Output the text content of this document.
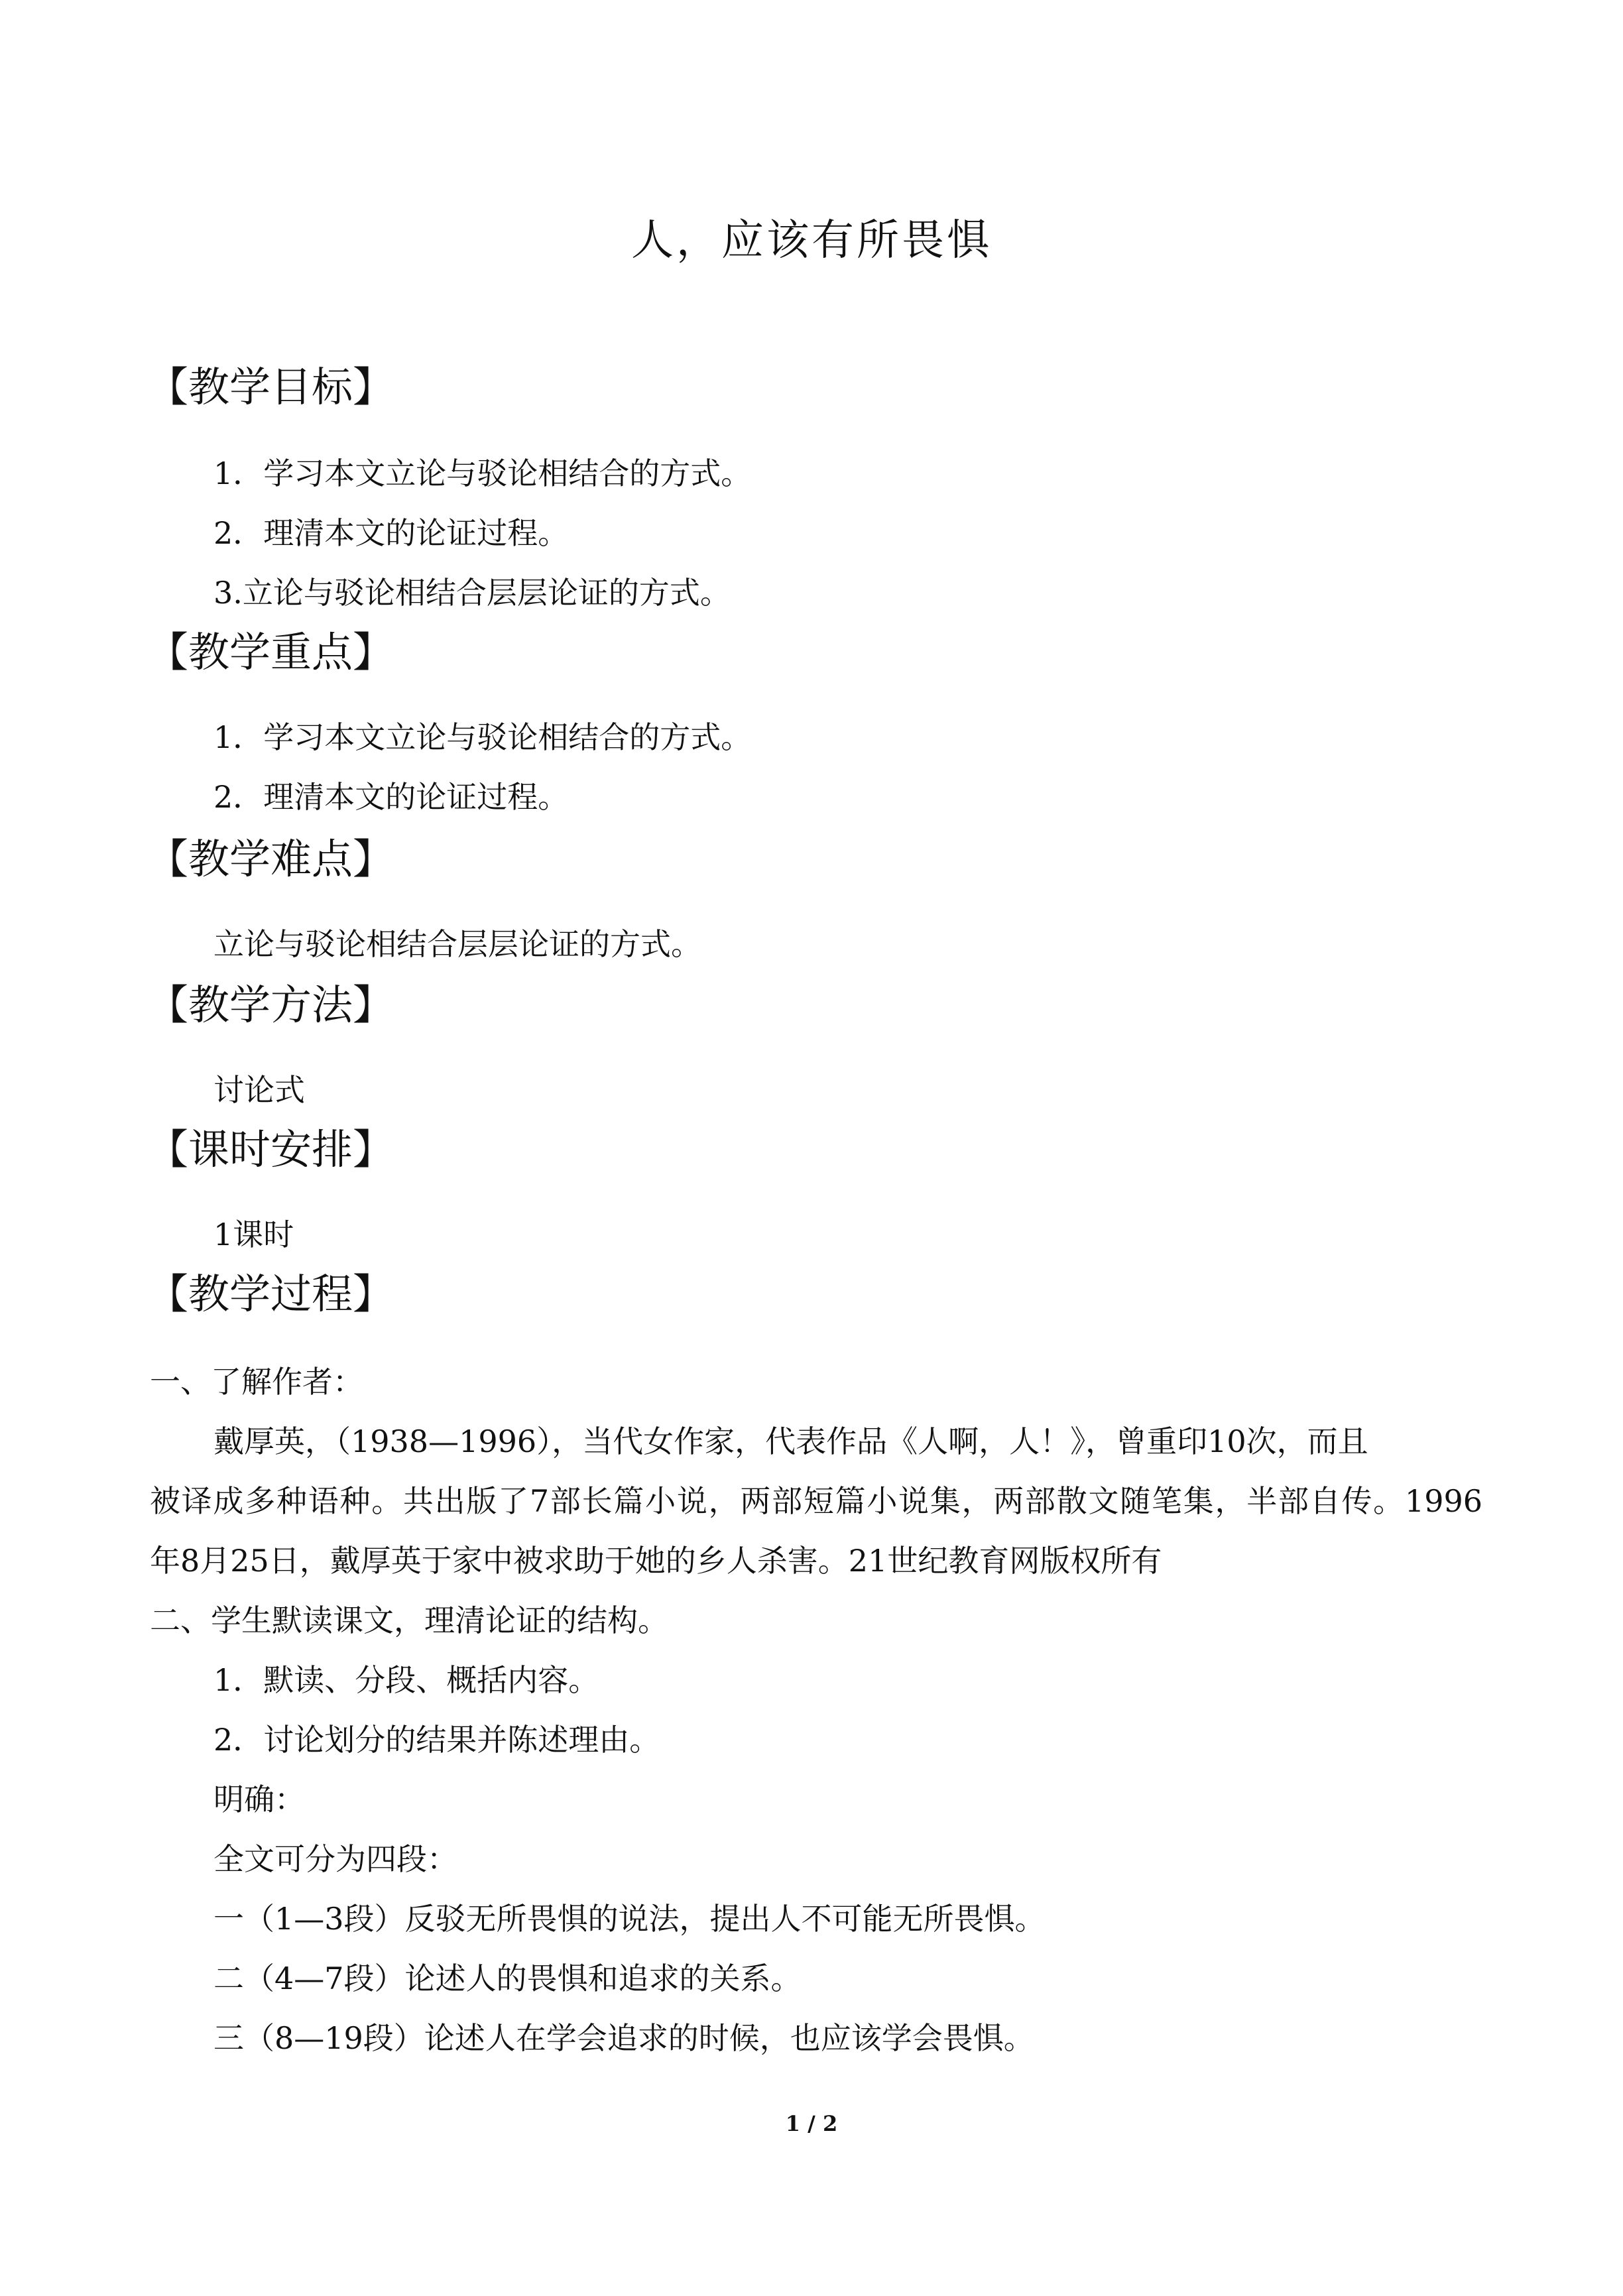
人，应该有所畏惧
【教学目标】
1．学习本文立论与驳论相结合的方式。
2．理清本文的论证过程。
3.立论与驳论相结合层层论证的方式。
【教学重点】
1．学习本文立论与驳论相结合的方式。
2．理清本文的论证过程。
【教学难点】
立论与驳论相结合层层论证的方式。
【教学方法】
讨论式
【课时安排】
1课时
【教学过程】
一、了解作者：
戴厚英，（1938—1996），当代女作家，代表作品《人啊，人！》，曾重印10次，而且
被译成多种语种。共出版了7部长篇小说，两部短篇小说集，两部散文随笔集，半部自传。1996
年8月25日，戴厚英于家中被求助于她的乡人杀害。21世纪教育网版权所有
二、学生默读课文，理清论证的结构。
1．默读、分段、概括内容。
2．讨论划分的结果并陈述理由。
明确：
全文可分为四段：
一（1—3段）反驳无所畏惧的说法，提出人不可能无所畏惧。
二（4—7段）论述人的畏惧和追求的关系。
三（8—19段）论述人在学会追求的时候，也应该学会畏惧。
1 / 2
